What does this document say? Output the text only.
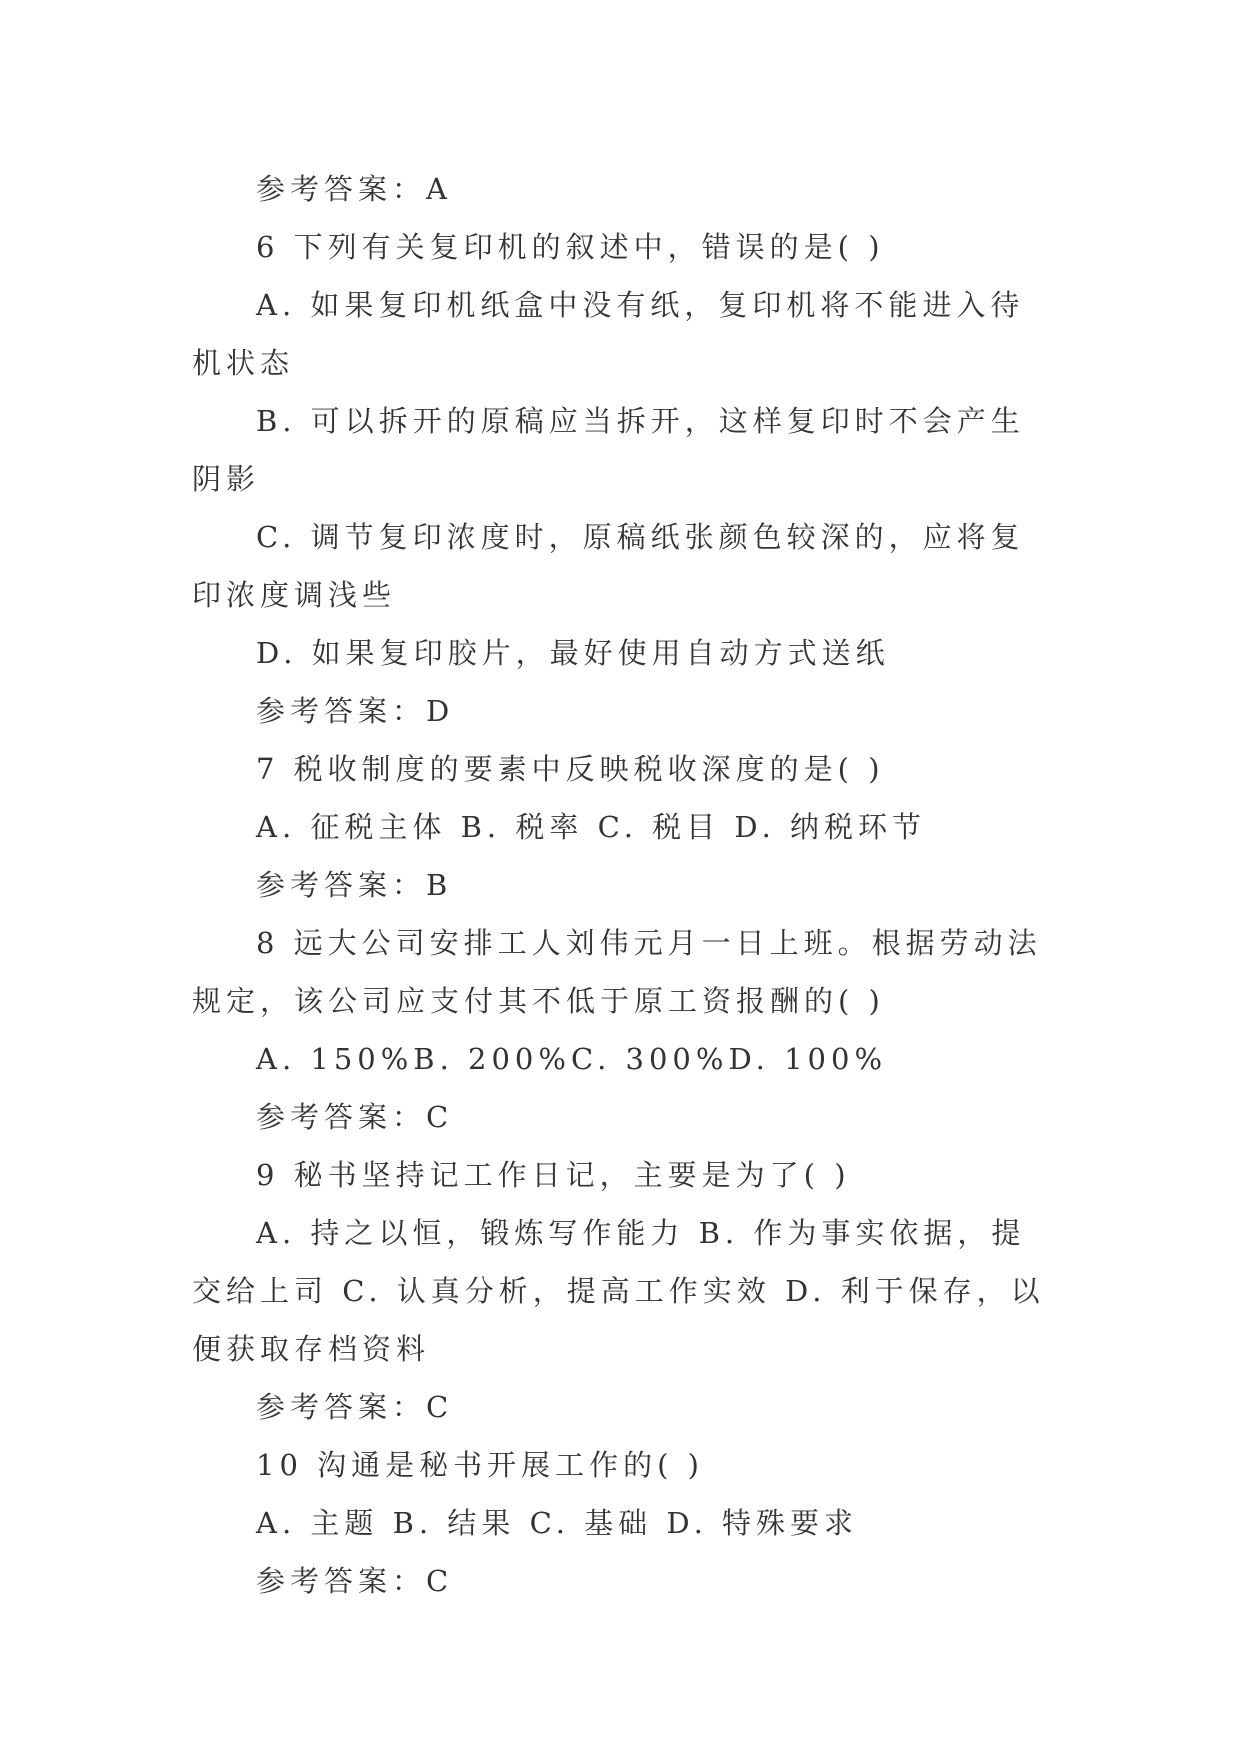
参考答案：A

6 下列有关复印机的叙述中，错误的是( )

A. 如果复印机纸盒中没有纸，复印机将不能进入待机状态

B. 可以拆开的原稿应当拆开，这样复印时不会产生阴影

C. 调节复印浓度时，原稿纸张颜色较深的，应将复印浓度调浅些

D. 如果复印胶片，最好使用自动方式送纸

参考答案：D

7 税收制度的要素中反映税收深度的是( )

A. 征税主体 B. 税率 C. 税目 D. 纳税环节

参考答案：B

8 远大公司安排工人刘伟元月一日上班。根据劳动法规定，该公司应支付其不低于原工资报酬的( )

A. 150%B. 200%C. 300%D. 100%

参考答案：C

9 秘书坚持记工作日记，主要是为了( )

A. 持之以恒，锻炼写作能力 B. 作为事实依据，提交给上司 C. 认真分析，提高工作实效 D. 利于保存，以便获取存档资料

参考答案：C

10 沟通是秘书开展工作的( )

A. 主题 B. 结果 C. 基础 D. 特殊要求

参考答案：C
